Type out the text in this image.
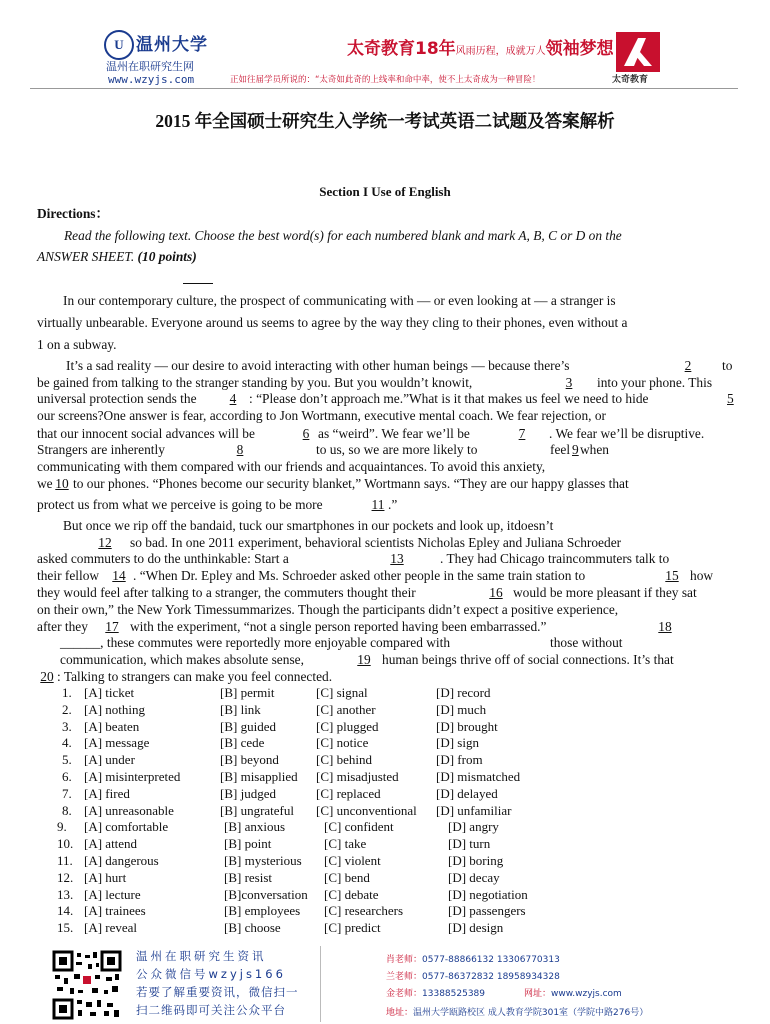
U 温州大学
温州在职研究生网
www.wzyjs.com
太奇教育18年风雨历程，成就万人领袖梦想
正如往届学员所说的：“太奇如此奇的上线率和命中率，使不上太奇成为一种冒险！	太奇教育
2015 年全国硕士研究生入学统一考试英语二试题及答案解析
Section I Use of English
Directions：
Read the following text. Choose the best word(s) for each numbered blank and mark A, B, C or D on the
ANSWER SHEET. (10 points)
In our contemporary culture, the prospect of communicating with — or even looking at — a stranger is
virtually unbearable. Everyone around us seems to agree by the way they cling to their phones, even without a
1 on a subway.
It’s a sad reality — our desire to avoid interacting with other human beings — because there’s	2	to
be gained from talking to the stranger standing by you. But you wouldn’t knowit,	3	into your phone. This
universal protection sends the	4 : “Please don’t approach me.”What is it that makes us feel we need to hide	5
our screens?One answer is fear, according to Jon Wortmann, executive mental coach. We fear rejection, or
that our innocent social advances will be	6 as “weird”. We fear we’ll be	7	. We fear we’ll be disruptive.
Strangers are inherently	8	to us, so we are more likely to	feel 9 when
communicating with them compared with our friends and acquaintances. To avoid this anxiety,
we 10 to our phones. “Phones become our security blanket,” Wortmann says. “They are our happy glasses that
protect us from what we perceive is going to be more	11 .”
But once we rip off the bandaid, tuck our smartphones in our pockets and look up, itdoesn’t
12	so bad. In one 2011 experiment, behavioral scientists Nicholas Epley and Juliana Schroeder
asked commuters to do the unthinkable: Start a	13	. They had Chicago traincommuters talk to
their fellow 14 . “When Dr. Epley and Ms. Schroeder asked other people in the same train station to	15 how
they would feel after talking to a stranger, the commuters thought their	16 would be more pleasant if they sat
on their own,” the New York Timessummarizes. Though the participants didn’t expect a positive experience,
after they	17 with the experiment, “not a single person reported having been embarrassed.”	18
______, these commutes were reportedly more enjoyable compared with	those without
communication, which makes absolute sense,	19 human beings thrive off of social connections. It’s that
20 : Talking to strangers can make you feel connected.
1. [A] ticket	[B] permit	[C] signal	[D] record
2. [A] nothing	[B] link	[C] another	[D] much
3. [A] beaten	[B] guided	[C] plugged	[D] brought
4. [A] message	[B] cede	[C] notice	[D] sign
5. [A] under	[B] beyond	[C] behind	[D] from
6. [A] misinterpreted	[B] misapplied [C] misadjusted	[D] mismatched
7. [A] fired	[B] judged	[C] replaced	[D] delayed
8. [A] unreasonable	[B] ungrateful [C] unconventional [D] unfamiliar
9. [A] comfortable	[B] anxious	[C] confident	[D] angry
10. [A] attend	[B] point	[C] take	[D] turn
11. [A] dangerous	[B] mysterious [C] violent	[D] boring
12. [A] hurt	[B] resist	[C] bend	[D] decay
13. [A] lecture	[B]conversation [C] debate	[D] negotiation
14. [A] trainees	[B] employees [C] researchers	[D] passengers
15. [A] reveal	[B] choose	[C] predict	[D] design
温州在职研究生资讯
公众微信号wzyjs166
若要了解重要资讯，微信扫一
扫二维码即可关注公众平台
肖老师：0577-88866132 13306770313
兰老师：0577-86372832 18958934328
金老师：13388525389	网址：www.wzyjs.com
地址：温州大学瓯路校区 成人教育学院301室（学院中路276号）
